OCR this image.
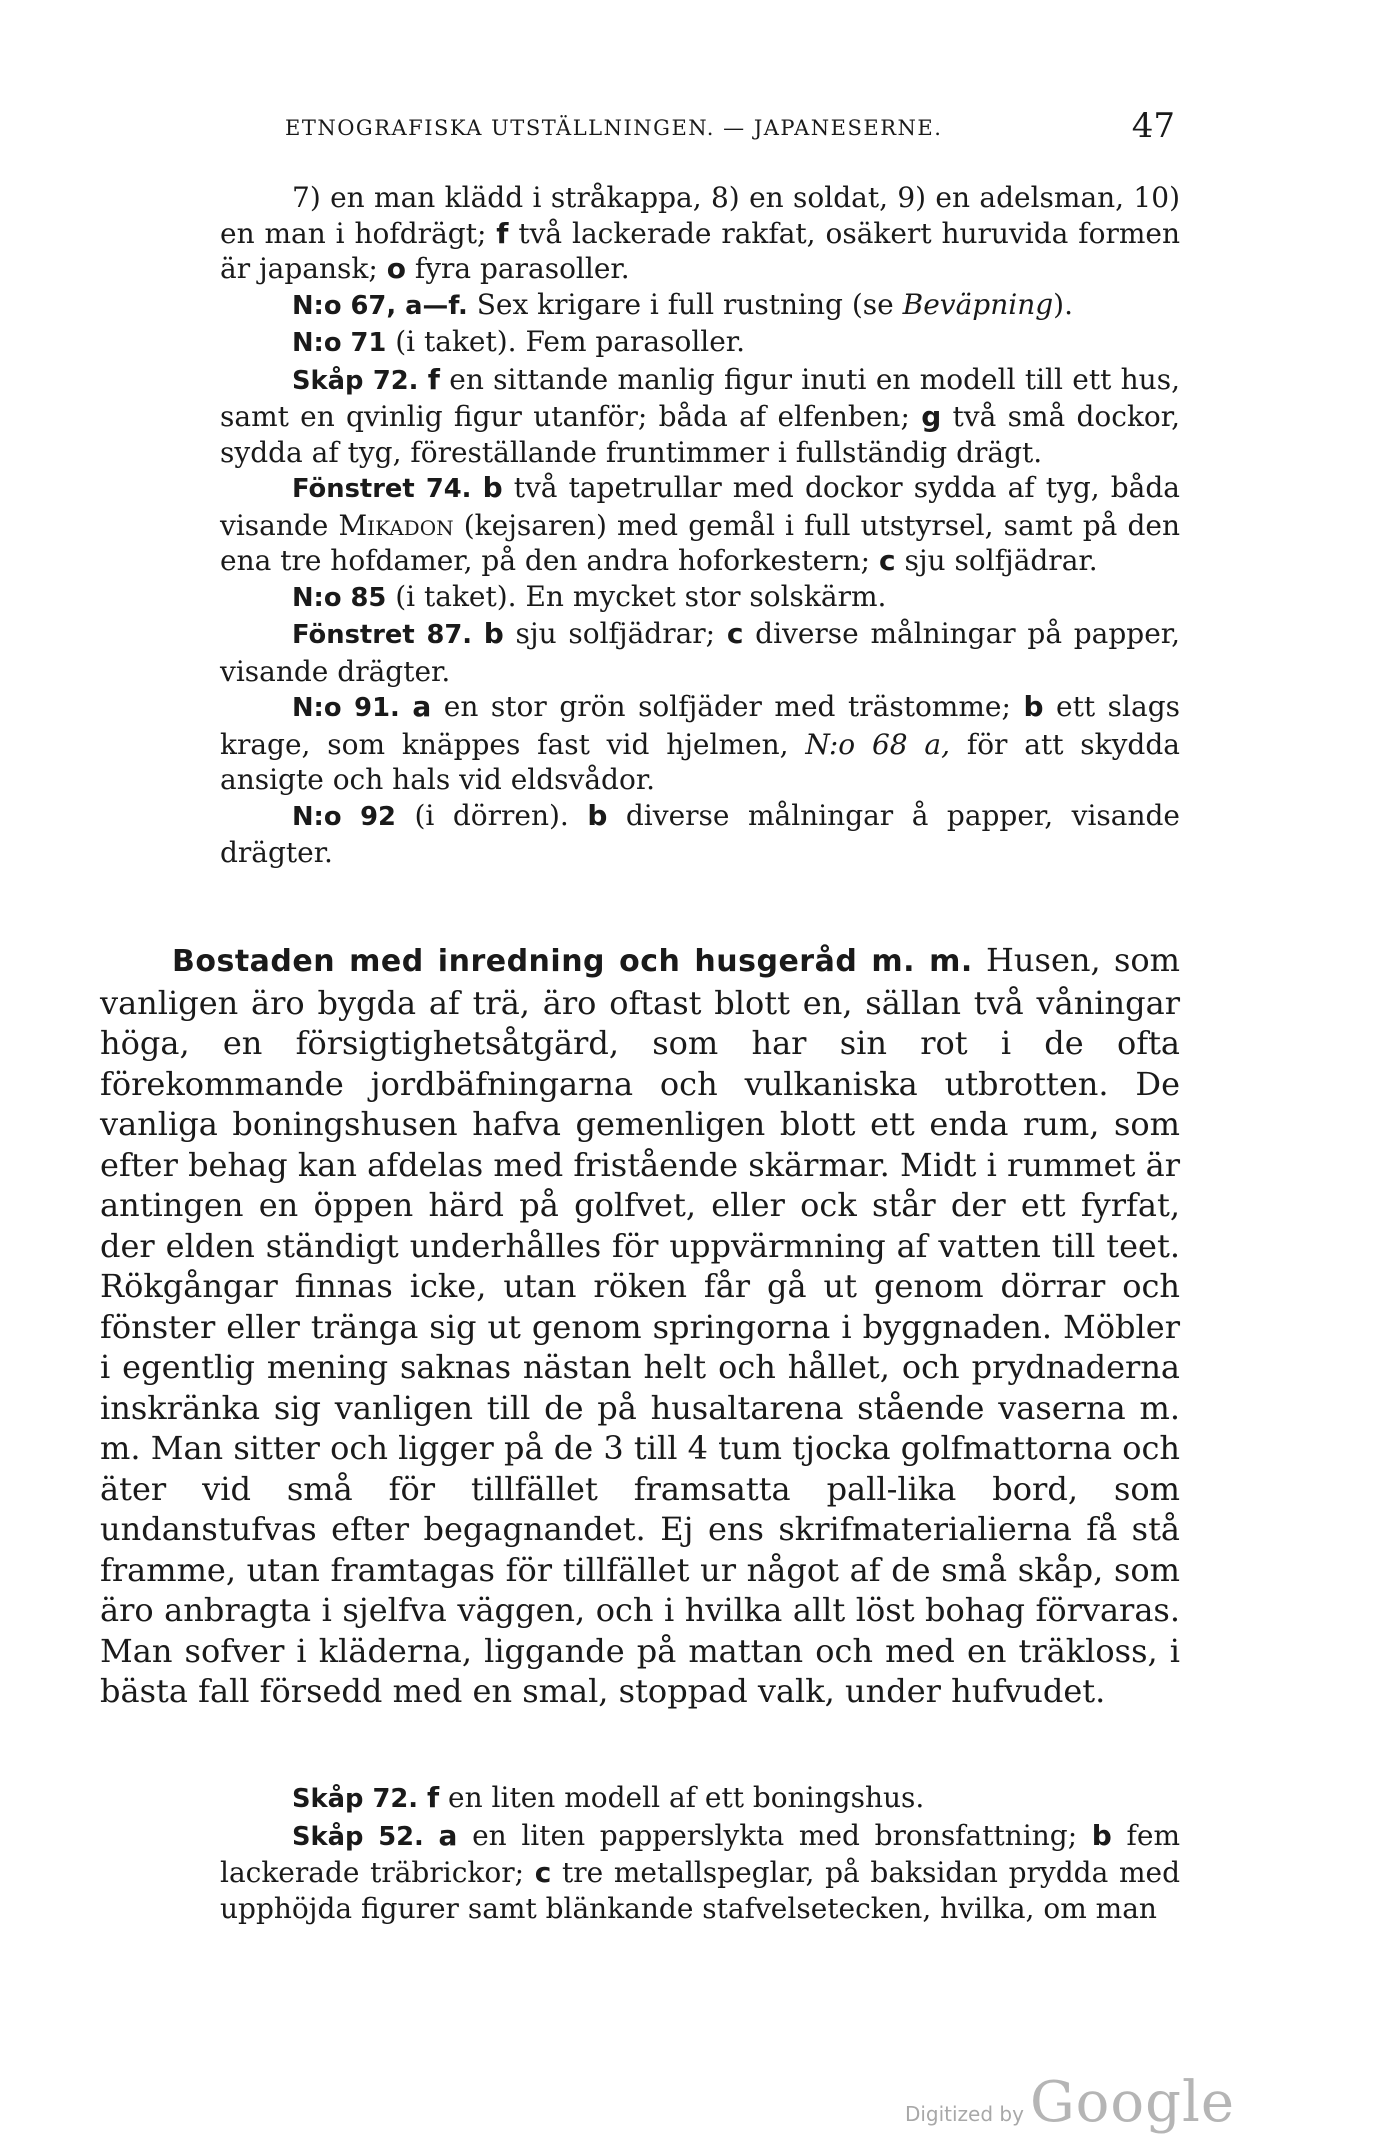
ETNOGRAFISKA UTSTÄLLNINGEN. — JAPANESERNE.	47

7) en man klädd i stråkappa, 8) en soldat, 9) en adelsman, 10) en man i hofdrägt; f två lackerade rakfat, osäkert huruvida formen är japansk; o fyra parasoller.

N:o 67, a—f. Sex krigare i full rustning (se Beväpning).

N:o 71 (i taket). Fem parasoller.

Skåp 72. f en sittande manlig figur inuti en modell till ett hus, samt en qvinlig figur utanför; båda af elfenben; g två små dockor, sydda af tyg, föreställande fruntimmer i fullständig drägt.

Fönstret 74. b två tapetrullar med dockor sydda af tyg, båda visande Mikadon (kejsaren) med gemål i full utstyrsel, samt på den ena tre hofdamer, på den andra hoforkestern; c sju solfjädrar.

N:o 85 (i taket). En mycket stor solskärm.

Fönstret 87. b sju solfjädrar; c diverse målningar på papper, visande drägter.

N:o 91. a en stor grön solfjäder med trästomme; b ett slags krage, som knäppes fast vid hjelmen, N:o 68 a, för att skydda ansigte och hals vid eldsvådor.

N:o 92 (i dörren). b diverse målningar å papper, visande drägter.

Bostaden med inredning och husgeråd m. m. Husen, som vanligen äro bygda af trä, äro oftast blott en, sällan två våningar höga, en försigtighetsåtgärd, som har sin rot i de ofta förekommande jordbäfningarna och vulkaniska utbrotten. De vanliga boningshusen hafva gemenligen blott ett enda rum, som efter behag kan afdelas med fristående skärmar. Midt i rummet är antingen en öppen härd på golfvet, eller ock står der ett fyrfat, der elden ständigt underhålles för uppvärmning af vatten till teet. Rökgångar finnas icke, utan röken får gå ut genom dörrar och fönster eller tränga sig ut genom springorna i byggnaden. Möbler i egentlig mening saknas nästan helt och hållet, och prydnaderna inskränka sig vanligen till de på husaltarena stående vaserna m. m. Man sitter och ligger på de 3 till 4 tum tjocka golfmattorna och äter vid små för tillfället framsatta pall-lika bord, som undanstufvas efter begagnandet. Ej ens skrifmaterialierna få stå framme, utan framtagas för tillfället ur något af de små skåp, som äro anbragta i sjelfva väggen, och i hvilka allt löst bohag förvaras. Man sofver i kläderna, liggande på mattan och med en träkloss, i bästa fall försedd med en smal, stoppad valk, under hufvudet.

Skåp 72. f en liten modell af ett boningshus.

Skåp 52. a en liten papperslykta med bronsfattning; b fem lackerade träbrickor; c tre metallspeglar, på baksidan prydda med upphöjda figurer samt blänkande stafvelsetecken, hvilka, om man

Digitized by Google
